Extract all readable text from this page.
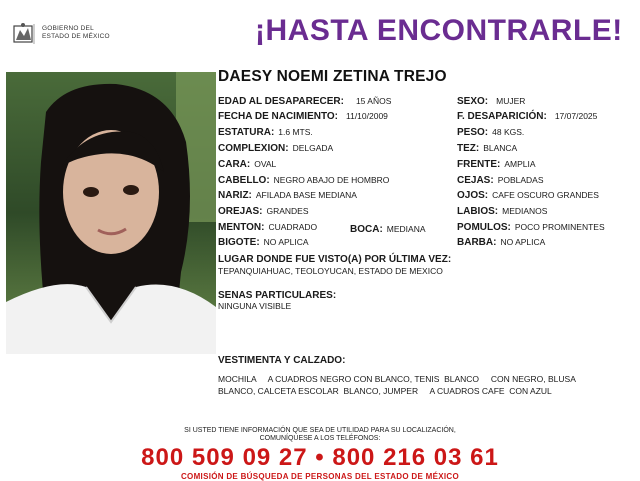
GOBIERNO DEL
ESTADO DE MÉXICO	¡HASTA ENCONTRARLE!
DAESY NOEMI ZETINA TREJO
EDAD AL DESAPARECER: 15 AÑOS
FECHA DE NACIMIENTO: 11/10/2009
ESTATURA: 1.6 MTS.
COMPLEXION: DELGADA
CARA: OVAL
CABELLO: NEGRO ABAJO DE HOMBRO
NARIZ: AFILADA BASE MEDIANA
OREJAS: GRANDES
MENTON: CUADRADO	BOCA: MEDIANA
BIGOTE: NO APLICA
SEXO: MUJER
F. DESAPARICIÓN: 17/07/2025
PESO: 48 KGS.
TEZ: BLANCA
FRENTE: AMPLIA
CEJAS: POBLADAS
OJOS: CAFE OSCURO GRANDES
LABIOS: MEDIANOS
POMULOS: POCO PROMINENTES
BARBA: NO APLICA
LUGAR DONDE FUE VISTO(A) POR ÚLTIMA VEZ:
TEPANQUIAHUAC, TEOLOYUCAN, ESTADO DE MEXICO
SENAS PARTICULARES:
NINGUNA VISIBLE
VESTIMENTA Y CALZADO:
MOCHILA     A CUADROS NEGRO CON BLANCO, TENIS  BLANCO     CON NEGRO, BLUSA
BLANCO, CALCETA ESCOLAR  BLANCO, JUMPER     A CUADROS CAFE  CON AZUL
SI USTED TIENE INFORMACIÓN QUE SEA DE UTILIDAD PARA SU LOCALIZACIÓN,
COMUNÍQUESE A LOS TELÉFONOS:
800 509 09 27 • 800 216 03 61
COMISIÓN DE BÚSQUEDA DE PERSONAS DEL ESTADO DE MÉXICO
